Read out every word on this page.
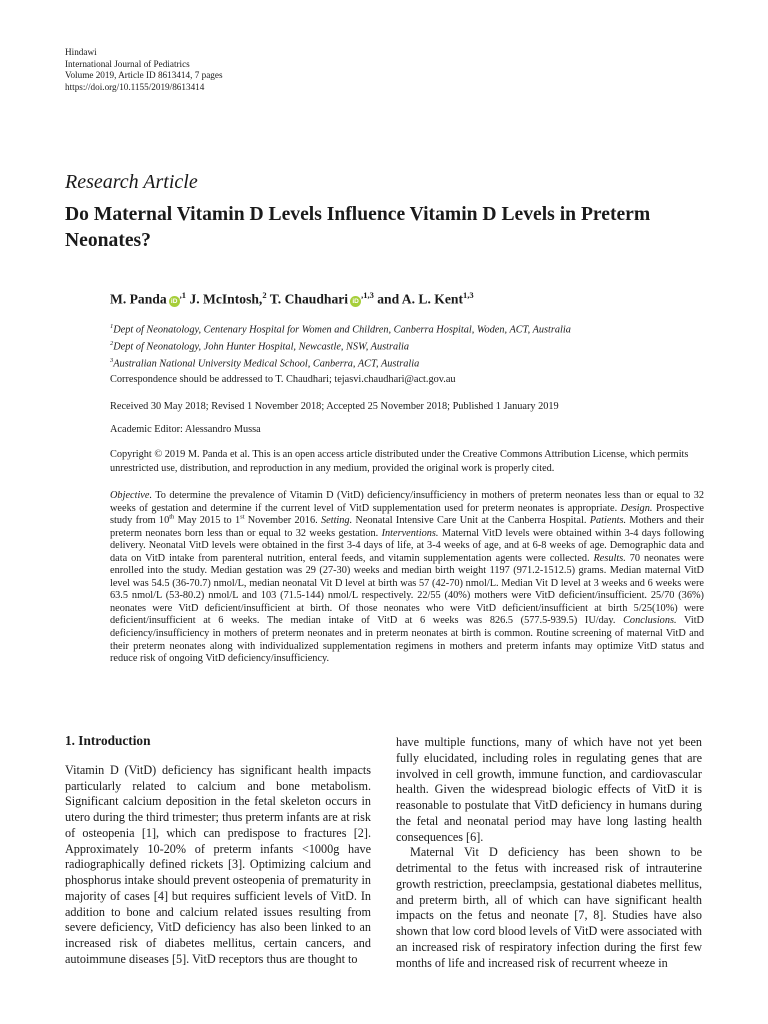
Hindawi
International Journal of Pediatrics
Volume 2019, Article ID 8613414, 7 pages
https://doi.org/10.1155/2019/8613414
Research Article
Do Maternal Vitamin D Levels Influence Vitamin D Levels in Preterm Neonates?
M. Panda $iD^{,1}$ J. McIntosh,$^2$ T. Chaudhari $iD^{,1,3}$ and A. L. Kent$^{1,3}$
$^1$Dept of Neonatology, Centenary Hospital for Women and Children, Canberra Hospital, Woden, ACT, Australia
$^2$Dept of Neonatology, John Hunter Hospital, Newcastle, NSW, Australia
$^3$Australian National University Medical School, Canberra, ACT, Australia
Correspondence should be addressed to T. Chaudhari; tejasvi.chaudhari@act.gov.au
Received 30 May 2018; Revised 1 November 2018; Accepted 25 November 2018; Published 1 January 2019
Academic Editor: Alessandro Mussa
Copyright © 2019 M. Panda et al. This is an open access article distributed under the Creative Commons Attribution License, which permits unrestricted use, distribution, and reproduction in any medium, provided the original work is properly cited.
Objective. To determine the prevalence of Vitamin D (VitD) deficiency/insufficiency in mothers of preterm neonates less than or equal to 32 weeks of gestation and determine if the current level of VitD supplementation used for preterm neonates is appropriate. Design. Prospective study from 10th May 2015 to 1st November 2016. Setting. Neonatal Intensive Care Unit at the Canberra Hospital. Patients. Mothers and their preterm neonates born less than or equal to 32 weeks gestation. Interventions. Maternal VitD levels were obtained within 3-4 days following delivery. Neonatal VitD levels were obtained in the first 3-4 days of life, at 3-4 weeks of age, and at 6-8 weeks of age. Demographic data and data on VitD intake from parenteral nutrition, enteral feeds, and vitamin supplementation agents were collected. Results. 70 neonates were enrolled into the study. Median gestation was 29 (27-30) weeks and median birth weight 1197 (971.2-1512.5) grams. Median maternal VitD level was 54.5 (36-70.7) nmol/L, median neonatal Vit D level at birth was 57 (42-70) nmol/L. Median Vit D level at 3 weeks and 6 weeks were 63.5 nmol/L (53-80.2) nmol/L and 103 (71.5-144) nmol/L respectively. 22/55 (40%) mothers were VitD deficient/insufficient. 25/70 (36%) neonates were VitD deficient/insufficient at birth. Of those neonates who were VitD deficient/insufficient at birth 5/25(10%) were deficient/insufficient at 6 weeks. The median intake of VitD at 6 weeks was 826.5 (577.5-939.5) IU/day. Conclusions. VitD deficiency/insufficiency in mothers of preterm neonates and in preterm neonates at birth is common. Routine screening of maternal VitD and their preterm neonates along with individualized supplementation regimens in mothers and preterm infants may optimize VitD status and reduce risk of ongoing VitD deficiency/insufficiency.
1. Introduction

Vitamin D (VitD) deficiency has significant health impacts particularly related to calcium and bone metabolism. Significant calcium deposition in the fetal skeleton occurs in utero during the third trimester; thus preterm infants are at risk of osteopenia [1], which can predispose to fractures [2]. Approximately 10-20% of preterm infants <1000g have radiographically defined rickets [3]. Optimizing calcium and phosphorus intake should prevent osteopenia of prematurity in majority of cases [4] but requires sufficient levels of VitD. In addition to bone and calcium related issues resulting from severe deficiency, VitD deficiency has also been linked to an increased risk of diabetes mellitus, certain cancers, and autoimmune diseases [5]. VitD receptors thus are thought to

have multiple functions, many of which have not yet been fully elucidated, including roles in regulating genes that are involved in cell growth, immune function, and cardiovascular health. Given the widespread biologic effects of VitD it is reasonable to postulate that VitD deficiency in humans during the fetal and neonatal period may have long lasting health consequences [6].

Maternal Vit D deficiency has been shown to be detrimental to the fetus with increased risk of intrauterine growth restriction, preeclampsia, gestational diabetes mellitus, and preterm birth, all of which can have significant health impacts on the fetus and neonate [7, 8]. Studies have also shown that low cord blood levels of VitD were associated with an increased risk of respiratory infection during the first few months of life and increased risk of recurrent wheeze in
